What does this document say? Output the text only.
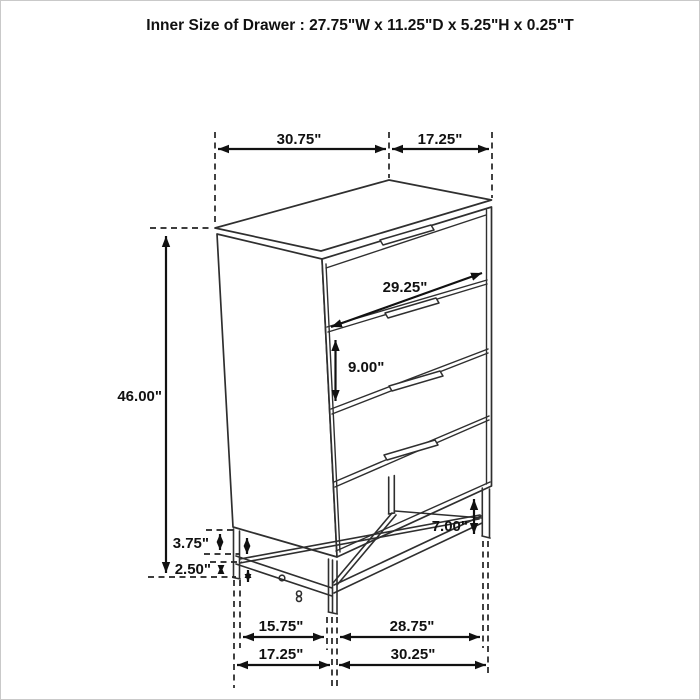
Inner Size of Drawer : 27.75"W x 11.25"D x 5.25"H x 0.25"T
30.75"	17.25"
29.25"
9.00"
46.00"
7.00"
3.75"
2.50"
15.75"	28.75"
17.25"	30.25"
